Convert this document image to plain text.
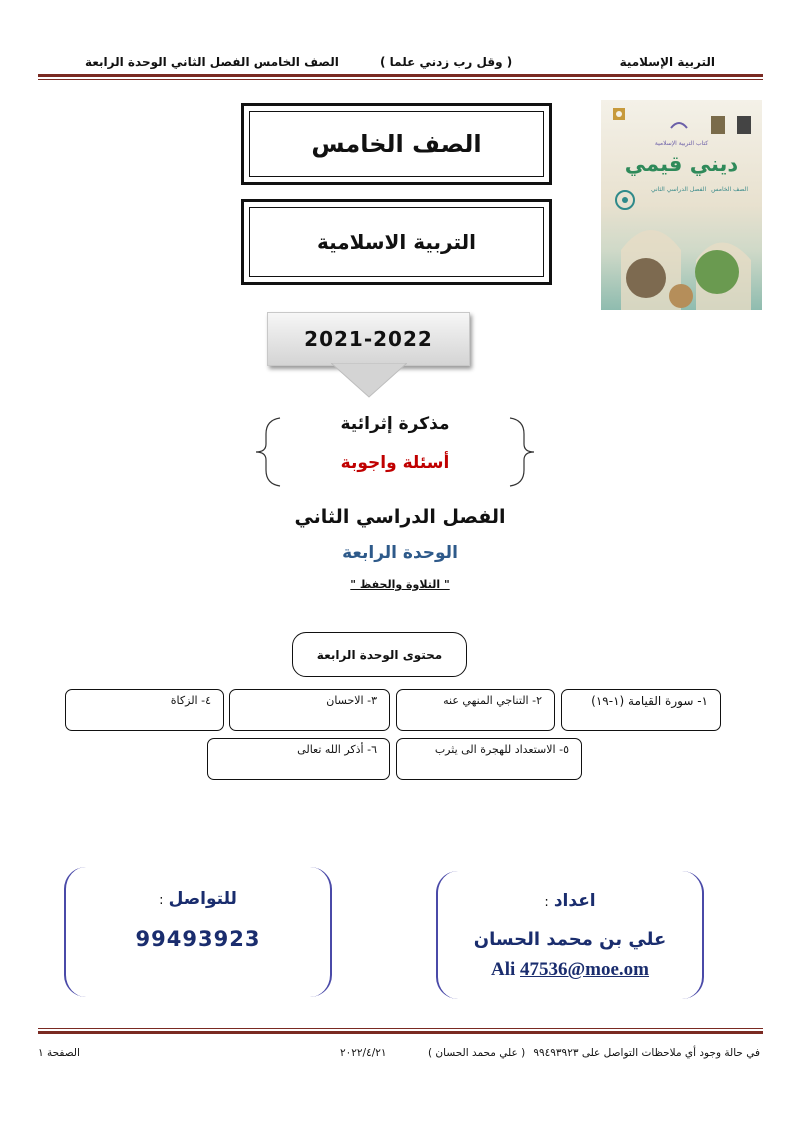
التربية الإسلامية
( وقل رب زدني علما )
الصف الخامس الفصل الثاني الوحدة الرابعة
الصف الخامس
التربية الاسلامية
2021-2022
كتاب التربية الإسلامية
ديني قيمي
الصف الخامس
الفصل الدراسي الثاني
مذكرة إثرائية
أسئلة واجوبة
الفصل الدراسي الثاني
الوحدة الرابعة
" التلاوة والحفظ "
محتوى الوحدة الرابعة
١- سورة القيامة (١-١٩)
٢- التناجي المنهي عنه
٣- الاحسان
٤- الزكاة
٥- الاستعداد للهجرة الى يثرب
٦- أذكر الله تعالى
للتواصل :
99493923
اعداد :
علي بن محمد الحسان
Ali 47536@moe.om
في حالة وجود أي ملاحظات التواصل على ٩٩٤٩٣٩٢٣
( علي محمد الحسان )
٢٠٢٢/٤/٢١
الصفحة ١
